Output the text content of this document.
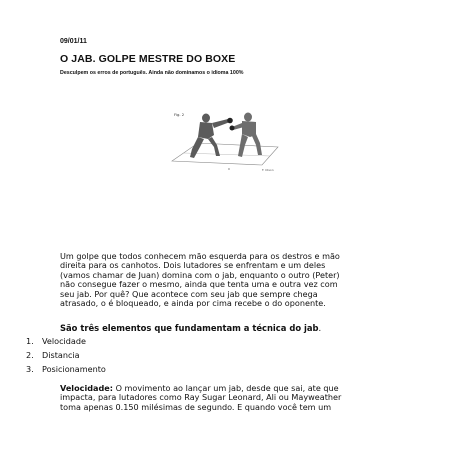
09/01/11
O JAB. GOLPE MESTRE DO BOXE
Desculpem os erros de português. Ainda não dominamos o idioma 100%
Fig. 2
x	F. Olson

Um golpe que todos conhecem mão esquerda para os destros e mão

direita para os canhotos. Dois lutadores se enfrentam e um deles

(vamos chamar de Juan) domina com o jab, enquanto o outro (Peter)

não consegue fazer o mesmo, ainda que tenta uma e outra vez com

seu jab. Por quê? Que acontece com seu jab que sempre chega

atrasado, o é bloqueado, e ainda por cima recebe o do oponente.

São três elementos que fundamentam a técnica do jab.
1. Velocidade
2. Distancia
3. Posicionamento

Velocidade: O movimento ao lançar um jab, desde que sai, ate que

impacta, para lutadores como Ray Sugar Leonard, Ali ou Mayweather

toma apenas 0.150 milésimas de segundo. E quando você tem um
